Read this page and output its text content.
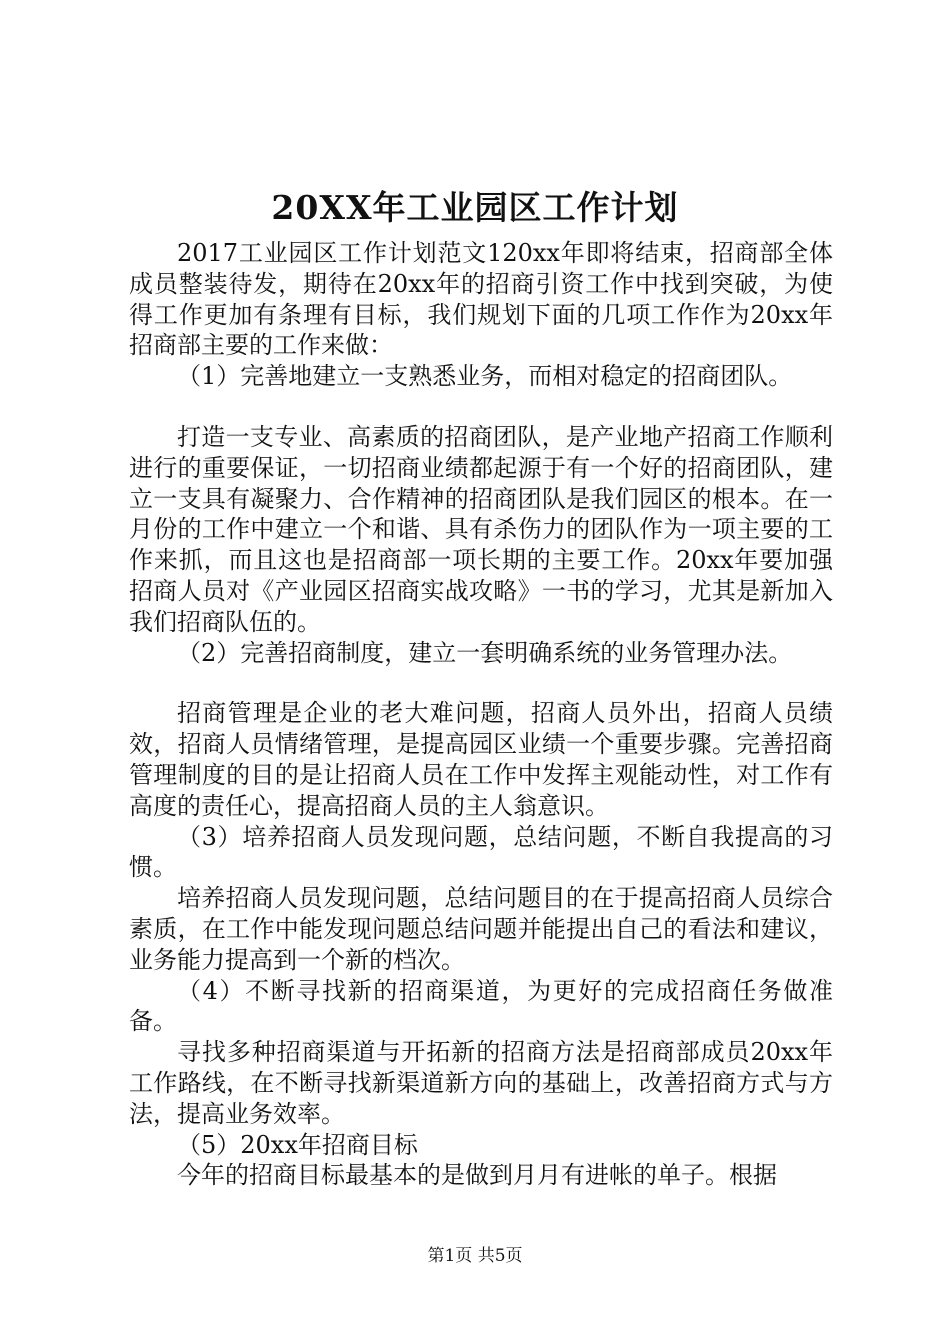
20XX年工业园区工作计划

2017工业园区工作计划范文120xx年即将结束，招商部全体成员整装待发，期待在20xx年的招商引资工作中找到突破，为使得工作更加有条理有目标，我们规划下面的几项工作作为20xx年招商部主要的工作来做：

（1）完善地建立一支熟悉业务，而相对稳定的招商团队。

打造一支专业、高素质的招商团队，是产业地产招商工作顺利进行的重要保证，一切招商业绩都起源于有一个好的招商团队，建立一支具有凝聚力、合作精神的招商团队是我们园区的根本。在一月份的工作中建立一个和谐、具有杀伤力的团队作为一项主要的工作来抓，而且这也是招商部一项长期的主要工作。20xx年要加强招商人员对《产业园区招商实战攻略》一书的学习，尤其是新加入我们招商队伍的。

（2）完善招商制度，建立一套明确系统的业务管理办法。

招商管理是企业的老大难问题，招商人员外出，招商人员绩效，招商人员情绪管理，是提高园区业绩一个重要步骤。完善招商管理制度的目的是让招商人员在工作中发挥主观能动性，对工作有高度的责任心，提高招商人员的主人翁意识。

（3）培养招商人员发现问题，总结问题，不断自我提高的习惯。

培养招商人员发现问题，总结问题目的在于提高招商人员综合素质，在工作中能发现问题总结问题并能提出自己的看法和建议，业务能力提高到一个新的档次。

（4）不断寻找新的招商渠道，为更好的完成招商任务做准备。

寻找多种招商渠道与开拓新的招商方法是招商部成员20xx年工作路线，在不断寻找新渠道新方向的基础上，改善招商方式与方法，提高业务效率。

（5）20xx年招商目标

今年的招商目标最基本的是做到月月有进帐的单子。根据

第1页 共5页
